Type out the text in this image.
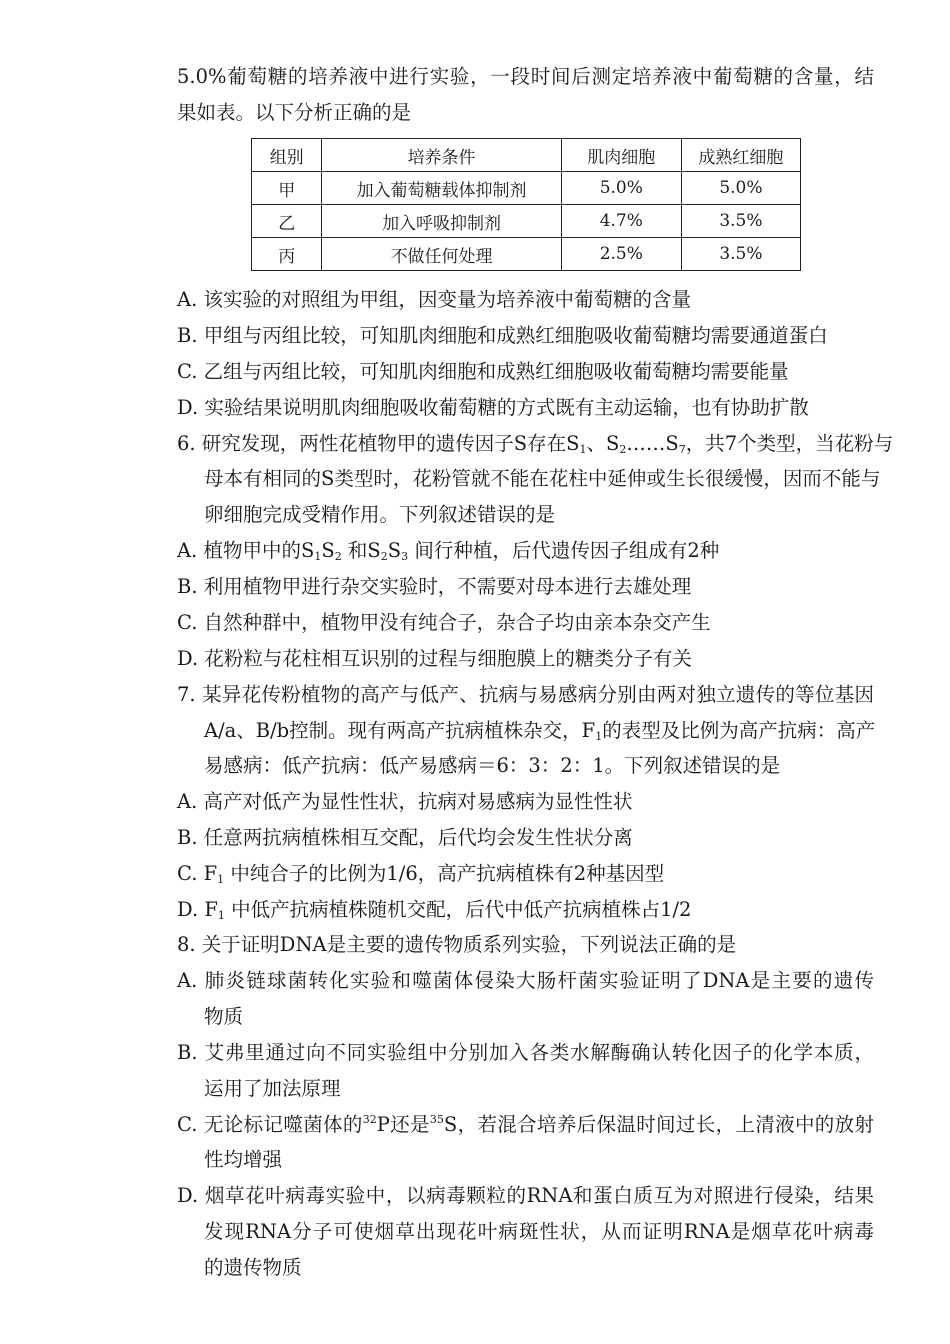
5.0%葡萄糖的培养液中进行实验，一段时间后测定培养液中葡萄糖的含量，结
果如表。以下分析正确的是
组别	培养条件	肌肉细胞	成熟红细胞
甲	加入葡萄糖载体抑制剂	5.0%	5.0%
乙	加入呼吸抑制剂	4.7%	3.5%
丙	不做任何处理	2.5%	3.5%
A. 该实验的对照组为甲组，因变量为培养液中葡萄糖的含量
B. 甲组与丙组比较，可知肌肉细胞和成熟红细胞吸收葡萄糖均需要通道蛋白
C. 乙组与丙组比较，可知肌肉细胞和成熟红细胞吸收葡萄糖均需要能量
D. 实验结果说明肌肉细胞吸收葡萄糖的方式既有主动运输，也有协助扩散
6. 研究发现，两性花植物甲的遗传因子S存在$S_1$、$S_2\dots\dots S_7$，共7个类型，当花粉与
母本有相同的S类型时，花粉管就不能在花柱中延伸或生长很缓慢，因而不能与
卵细胞完成受精作用。下列叙述错误的是
A. 植物甲中的$S_1S_2$ 和$S_2S_3$ 间行种植，后代遗传因子组成有2种
B. 利用植物甲进行杂交实验时，不需要对母本进行去雄处理
C. 自然种群中，植物甲没有纯合子，杂合子均由亲本杂交产生
D. 花粉粒与花柱相互识别的过程与细胞膜上的糖类分子有关
7. 某异花传粉植物的高产与低产、抗病与易感病分别由两对独立遗传的等位基因
A/a、B/b控制。现有两高产抗病植株杂交，$F_1$的表型及比例为高产抗病：高产
易感病：低产抗病：低产易感病＝6：3：2：1。下列叙述错误的是
A. 高产对低产为显性性状，抗病对易感病为显性性状
B. 任意两抗病植株相互交配，后代均会发生性状分离
C. $F_1$ 中纯合子的比例为1/6，高产抗病植株有2种基因型
D. $F_1$ 中低产抗病植株随机交配，后代中低产抗病植株占1/2
8. 关于证明DNA是主要的遗传物质系列实验，下列说法正确的是
A. 肺炎链球菌转化实验和噬菌体侵染大肠杆菌实验证明了DNA是主要的遗传
物质
B. 艾弗里通过向不同实验组中分别加入各类水解酶确认转化因子的化学本质，
运用了加法原理
C. 无论标记噬菌体的$^{32}$P还是$^{35}$S，若混合培养后保温时间过长，上清液中的放射
性均增强
D. 烟草花叶病毒实验中，以病毒颗粒的RNA和蛋白质互为对照进行侵染，结果
发现RNA分子可使烟草出现花叶病斑性状，从而证明RNA是烟草花叶病毒
的遗传物质
